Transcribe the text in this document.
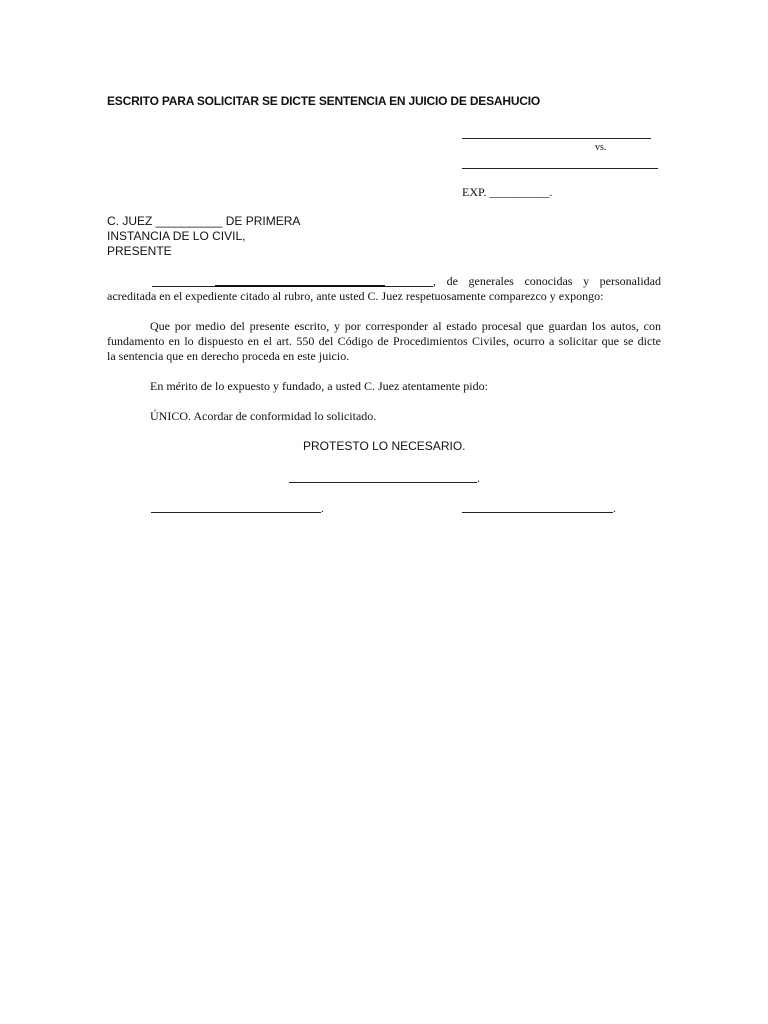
ESCRITO PARA SOLICITAR SE DICTE SENTENCIA EN JUICIO DE DESAHUCIO
vs.
EXP. __________.
C. JUEZ __________ DE PRIMERA
INSTANCIA DE LO CIVIL,
PRESENTE
, de generales conocidas y personalidad
acreditada en el expediente citado al rubro, ante usted C. Juez respetuosamente comparezco y expongo:
Que por medio del presente escrito, y por corresponder al estado procesal que guardan los autos, con
fundamento en lo dispuesto en el art. 550 del Código de Procedimientos Civiles, ocurro a solicitar que se dicte
la sentencia que en derecho proceda en este juicio.
En mérito de lo expuesto y fundado, a usted C. Juez atentamente pido:
ÚNICO. Acordar de conformidad lo solicitado.
PROTESTO LO NECESARIO.
.
.	.
